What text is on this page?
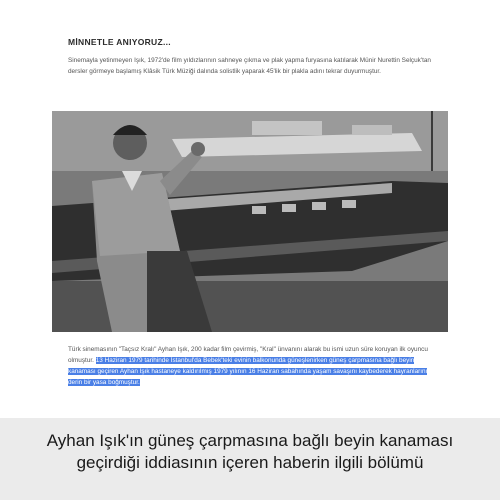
MİNNETLE ANIYORUZ...
Sinemayla yetinmeyen Işık, 1972'de film yıldızlarının sahneye çıkma ve plak yapma furyasına katılarak Münir Nurettin Selçuk'tan dersler görmeye başlamış Klâsik Türk Müziği dalında solistlik yaparak 45'lik bir plakla adını tekrar duyurmuştur.
Türk sinemasının "Taçsız Kralı" Ayhan Işık, 200 kadar film çevirmiş, "Kral" ünvanını alarak bu ismi uzun süre koruyan ilk oyuncu olmuştur. 13 Haziran 1979 tarihinde İstanbul'da Bebek'teki evinin balkonunda güneşlenirken güneş çarpmasına bağlı beyin kanaması geçiren Ayhan Işık hastaneye kaldırılmış 1979 yılının 16 Haziran sabahında yaşam savaşını kaybederek hayranlarını derin bir yasa boğmuştur.
Ayhan Işık'ın güneş çarpmasına bağlı beyin kanaması
geçirdiği iddiasının içeren haberin ilgili bölümü
